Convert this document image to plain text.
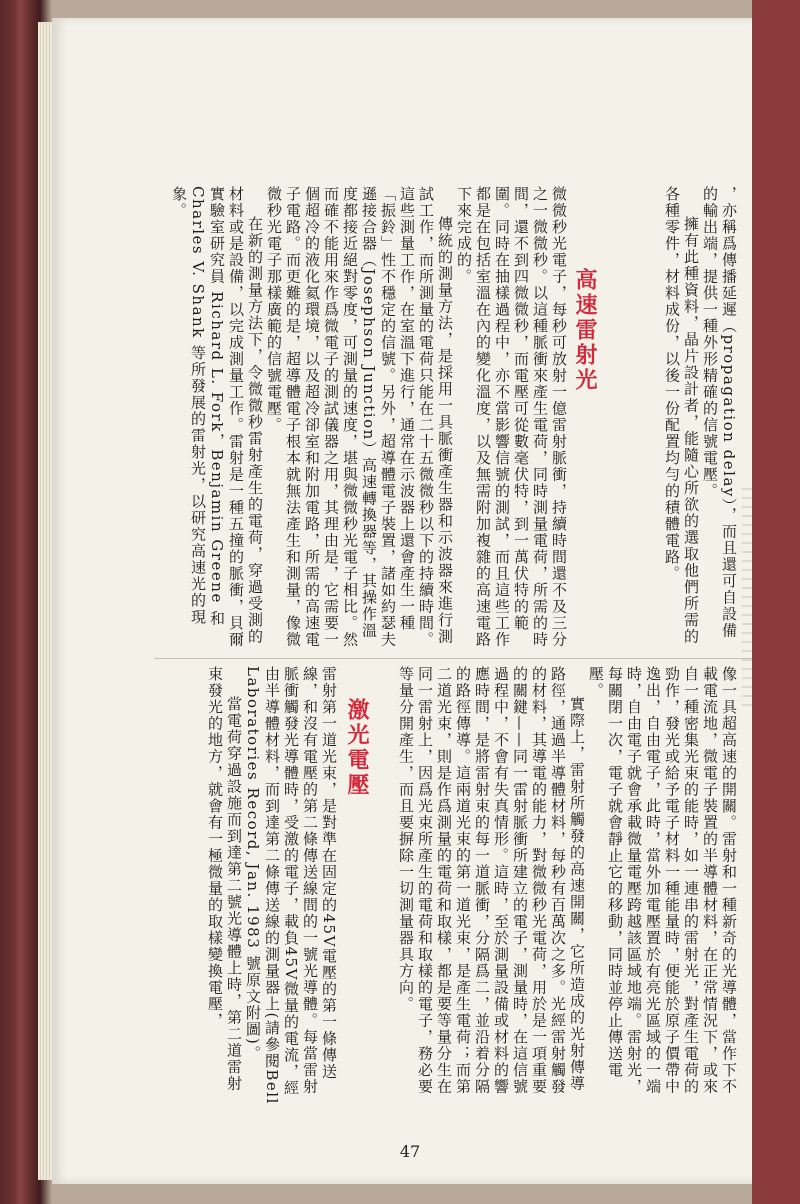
，亦稱爲傳播延遲（propagation delay），而且還可自設備的輸出端，提供一種外形精確的信號電壓。

擁有此種資料，晶片設計者，能隨心所欲的選取他們所需的各種零件，材料成份，以後一份配置均勻的積體電路。

高速雷射光

微微秒光電子，每秒可放射一億雷射脈衝，持續時間還不及三分之一微微秒。以這種脈衝來產生電荷，同時測量電荷，所需的時間，還不到四微微秒，而電壓可從數毫伏特，到一萬伏特的範圍。同時在抽樣過程中，亦不當影響信號的測試，而且這些工作都是在包括室溫在內的變化溫度，以及無需附加複雜的高速電路下來完成的。

傳統的測量方法，是採用一具脈衝產生器和示波器來進行測試工作，而所測量的電荷只能在二十五微微秒以下的持續時間。這些測量工作，在室溫下進行，通常在示波器上還會產生一種「振鈴」性不穩定的信號。另外，超導體電子裝置，諸如約瑟夫遜接合器（Josephson Junction）高速轉換器等，其操作溫度都接近絕對零度，可測量的速度，堪與微微秒光電子相比。然而確不能用來作爲微電子的測試儀器之用，其理由是，它需要一個超冷的液化氦環境，以及超冷卻室和附加電路，所需的高速電子電路。而更難的是，超導體電子根本就無法產生和測量，像微微秒光電子那樣廣範的信號電壓。

在新的測量方法下，令微微秒雷射產生的電荷，穿過受測的材料或是設備，以完成測量工作。雷射是一種五撞的脈衝，貝爾實驗室研究員 Richard L. Fork，Benjamin Greene 和 Charles V. Shank 等所發展的雷射光，以研究高速光的現象。

像一具超高速的開關。雷射和一種新奇的光導體，當作下不載電流地，微電子裝置的半導體材料，在正常情況下，或來自一種密集光束的能時，如一連串的雷射光，對產生電荷的勁作，發光或給予電子材料一種能量時，便能於原子價帶中逸出，自由電子，此時，當外加電壓置於有亮光區域的一端時，自由電子就會承載微量電壓跨越該區域地端。雷射光，每關閉一次，電子就會靜止它的移動，同時並停止傳送電壓。

實際上，雷射所觸發的高速開關，它所造成的光射傳導路徑，通過半導體材料，每秒有百萬次之多。光經雷射觸發的材料，其導電的能力，對微微秒光電荷，用於是一項重要的關鍵——同一雷射脈衝所建立的電子，測量時，在這信號過程中，不會有失真情形。這時，至於測量設備或材料的響應時間，是將雷射束的每一道脈衝，分隔爲二，並沿着分隔的路徑傳導。這兩道光束的第一道光束，是產生電荷；而第二道光束，則是作爲測量的電荷和取樣，都是要等量分生在同一雷射上，因爲光束所產生的電荷和取樣的電子，務必要等量分開產生，而且要摒除一切測量器具方向。

激光電壓

雷射第一道光束，是對準在固定的45V電壓的第一條傳送線，和沒有電壓的第二條傳送線間的一號光導體。每當雷射脈衝觸發光導體時，受激的電子，載負45V微量的電流，經由半導體材料，而到達第二條傳送線的測量器上(請參閱Bell Laboratories Record, Jan. 1983 號原文附圖)。

當電荷穿過設施而到達第二號光導體上時，第二道雷射束發光的地方，就會有一極微量的取樣變換電壓，

47
